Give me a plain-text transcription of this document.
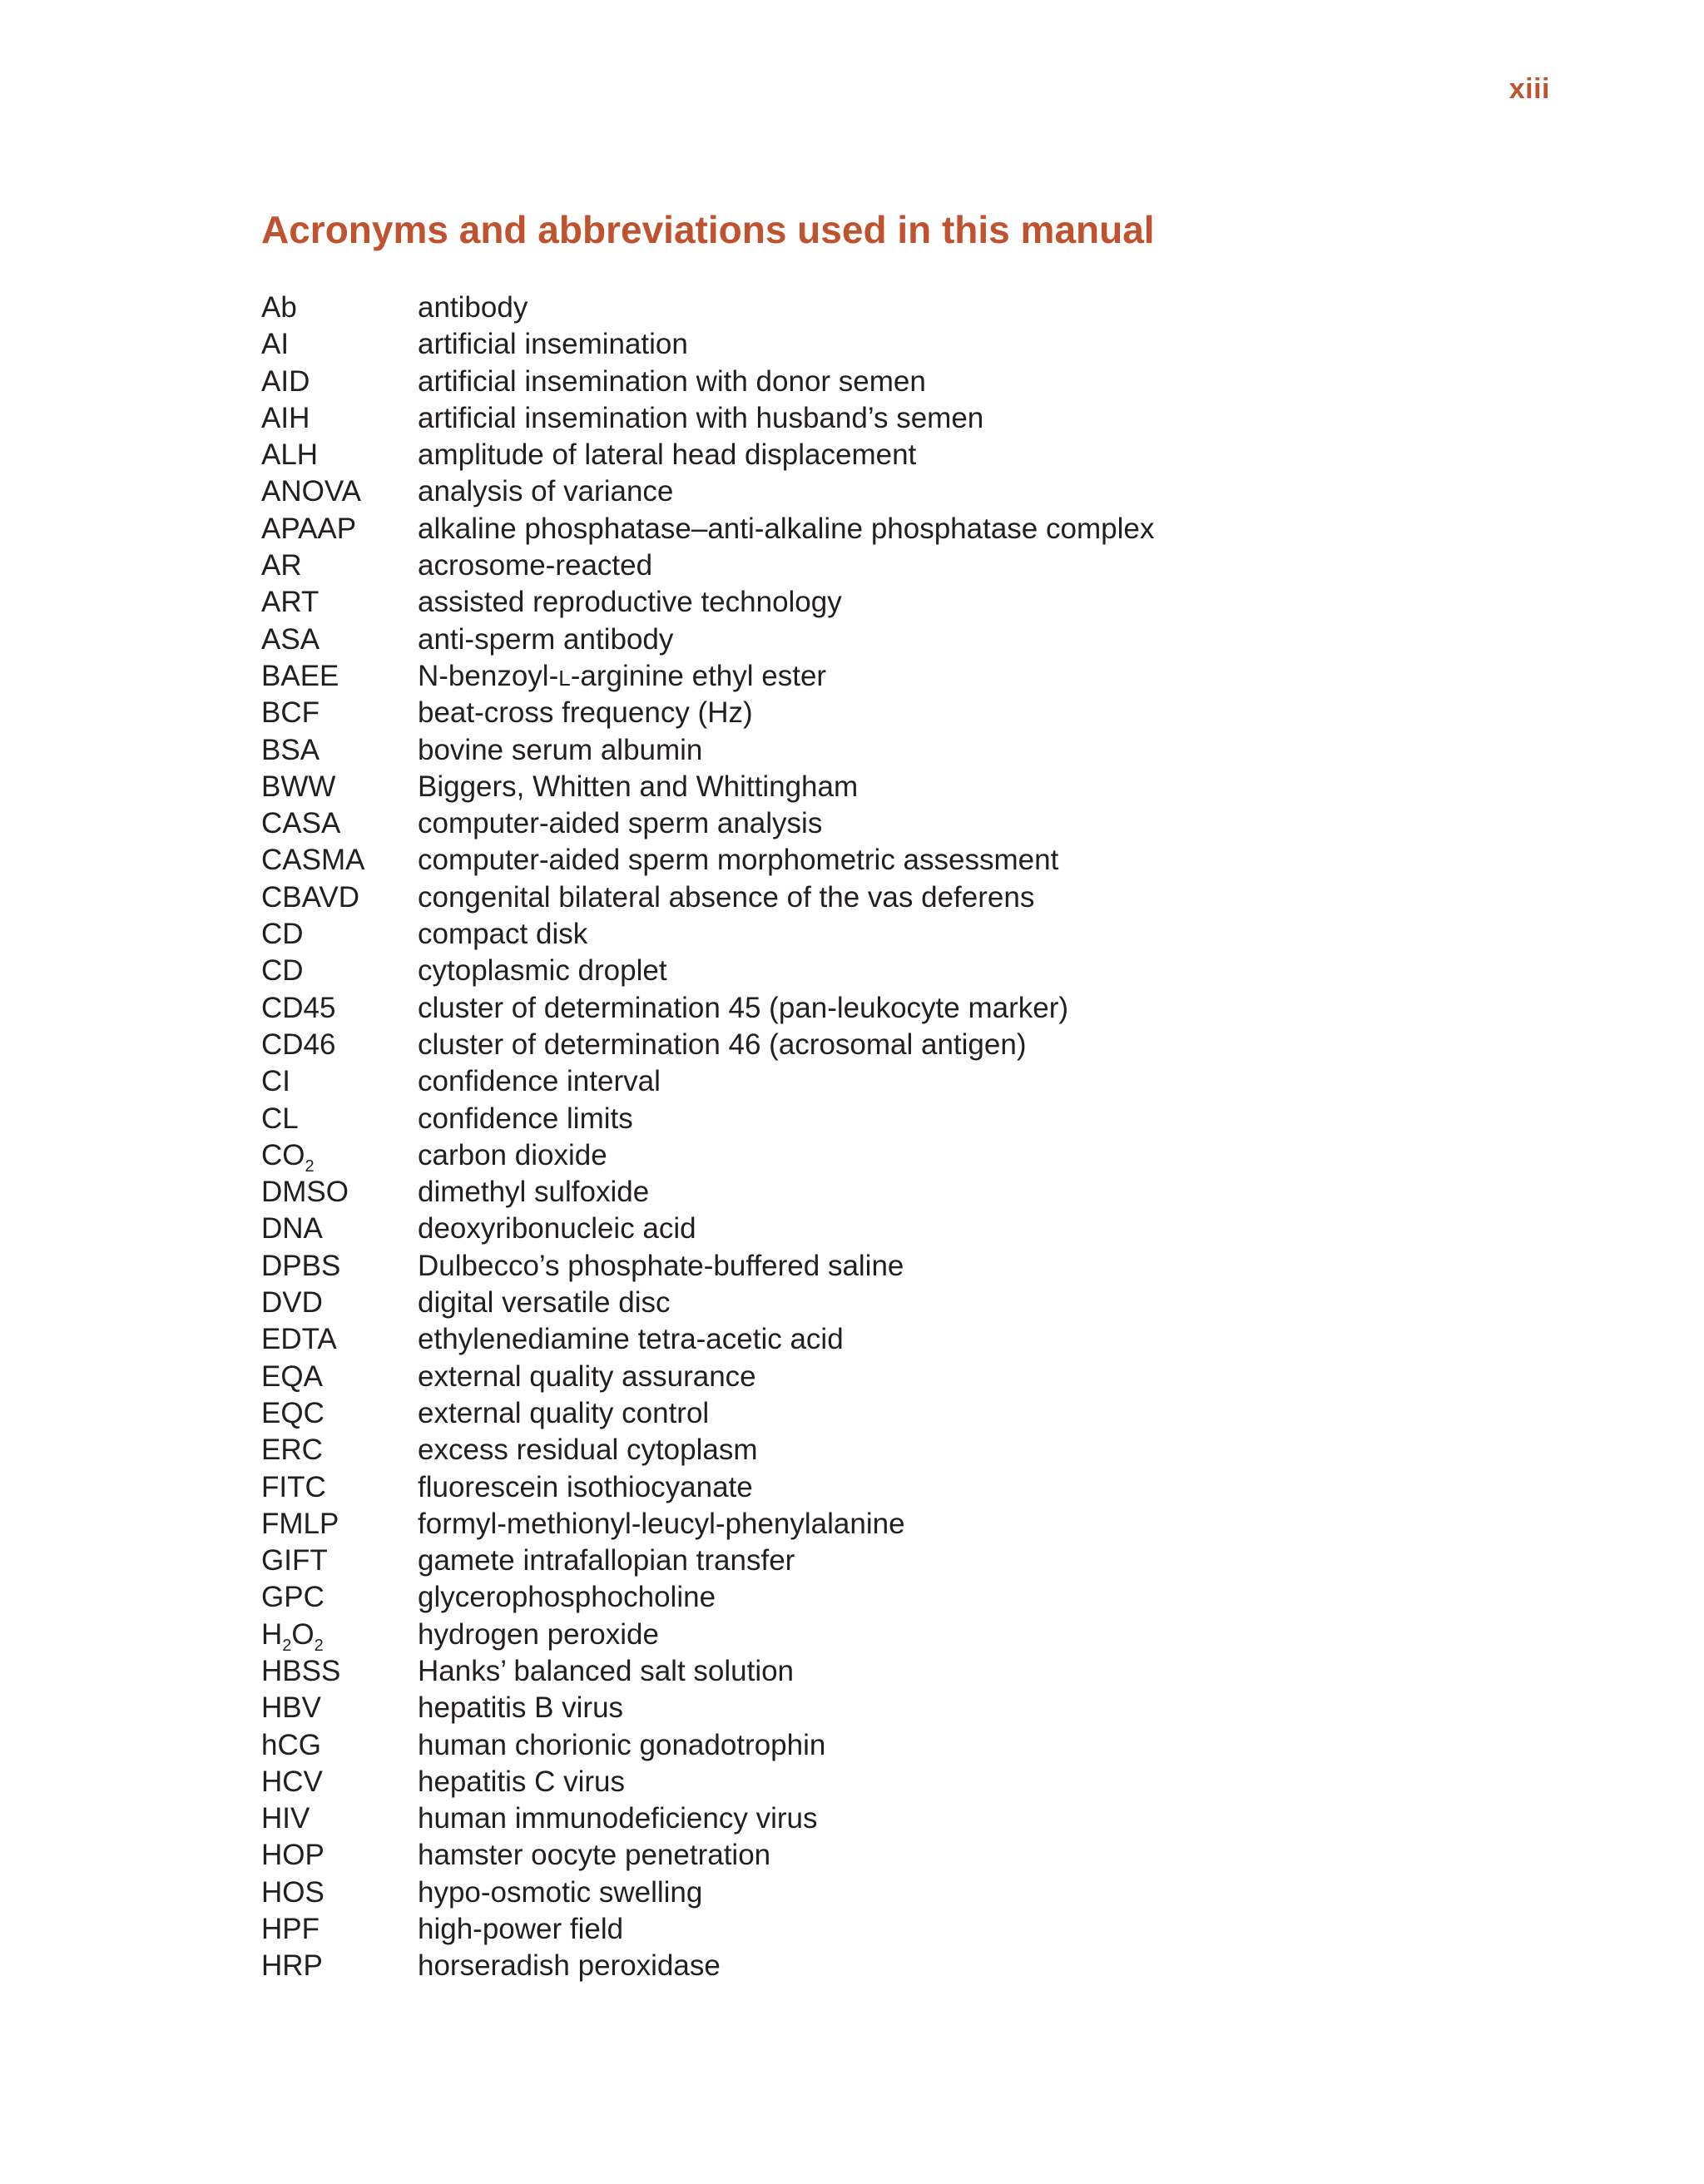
xiii
Acronyms and abbreviations used in this manual
Ab	antibody
AI	artificial insemination
AID	artificial insemination with donor semen
AIH	artificial insemination with husband’s semen
ALH	amplitude of lateral head displacement
ANOVA	analysis of variance
APAAP	alkaline phosphatase–anti-alkaline phosphatase complex
AR	acrosome-reacted
ART	assisted reproductive technology
ASA	anti-sperm antibody
BAEE	N-benzoyl-L-arginine ethyl ester
BCF	beat-cross frequency (Hz)
BSA	bovine serum albumin
BWW	Biggers, Whitten and Whittingham
CASA	computer-aided sperm analysis
CASMA	computer-aided sperm morphometric assessment
CBAVD	congenital bilateral absence of the vas deferens
CD	compact disk
CD	cytoplasmic droplet
CD45	cluster of determination 45 (pan-leukocyte marker)
CD46	cluster of determination 46 (acrosomal antigen)
CI	confidence interval
CL	confidence limits
$CO_2$	carbon dioxide
DMSO	dimethyl sulfoxide
DNA	deoxyribonucleic acid
DPBS	Dulbecco’s phosphate-buffered saline
DVD	digital versatile disc
EDTA	ethylenediamine tetra-acetic acid
EQA	external quality assurance
EQC	external quality control
ERC	excess residual cytoplasm
FITC	fluorescein isothiocyanate
FMLP	formyl-methionyl-leucyl-phenylalanine
GIFT	gamete intrafallopian transfer
GPC	glycerophosphocholine
$H_2$ $O_2$	hydrogen peroxide
HBSS	Hanks’ balanced salt solution
HBV	hepatitis B virus
hCG	human chorionic gonadotrophin
HCV	hepatitis C virus
HIV	human immunodeficiency virus
HOP	hamster oocyte penetration
HOS	hypo-osmotic swelling
HPF	high-power field
HRP	horseradish peroxidase
